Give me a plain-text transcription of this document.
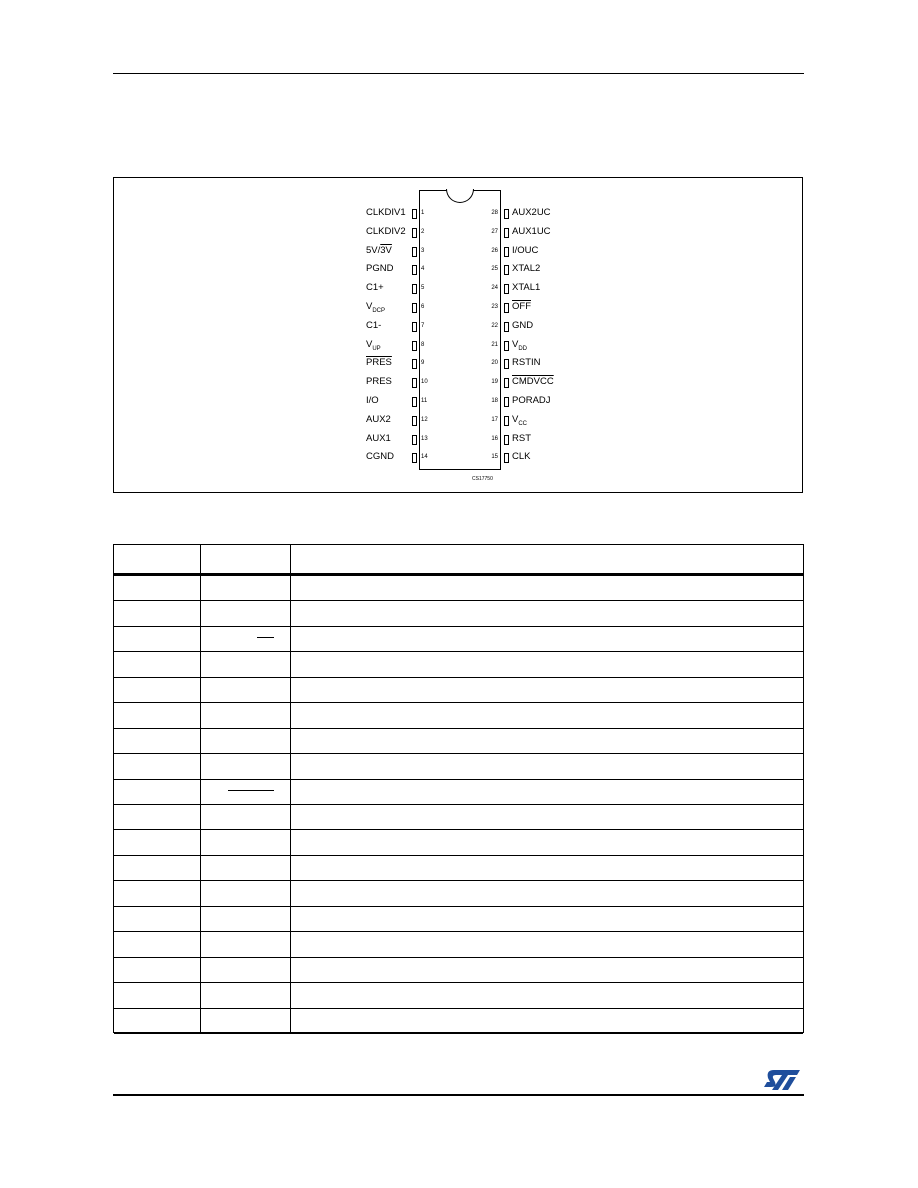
CS17750
CLKDIV1	1
CLKDIV2	2
5V/3V	3
PGND	4
C1+	5
$V_{DCP}$
6
C1-	7
$V_{UP}$
8
PRES	9
PRES	10
I/O	11
AUX2	12
AUX1	13
CGND	14
AUX2UC
28
AUX1UC
27
I/OUC
26
XTAL2
25
XTAL1
24
$\overline{OFF}$
23
GND
22
$V_{DD}$
21
RSTIN
20
CMDVCC
19
PORADJ
18
$V_{CC}$
17
RST
16
CLK
15
